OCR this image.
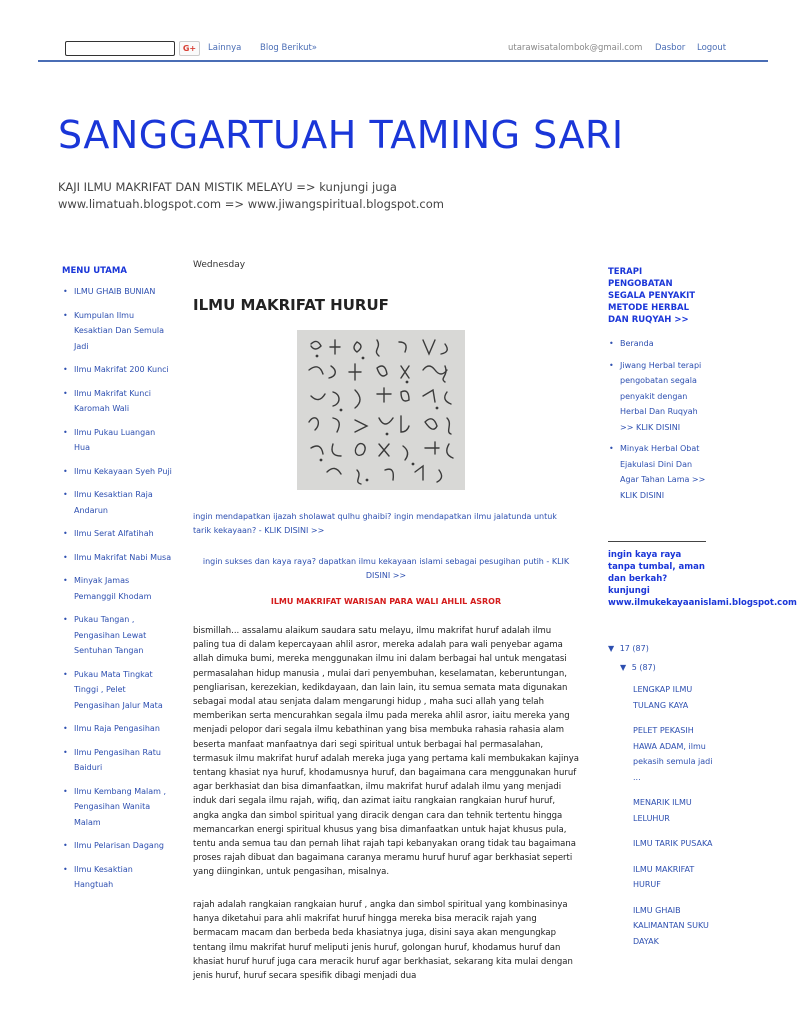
G+	Lainnya Blog Berikut»	utarawisatalombok@gmail.com Dasbor Logout
SANGGARTUAH TAMING SARI
KAJI ILMU MAKRIFAT DAN MISTIK MELAYU => kunjungi juga www.limatuah.blogspot.com => www.jiwangspiritual.blogspot.com
MENU UTAMA
• ILMU GHAIB BUNIAN
• Kumpulan Ilmu Kesaktian Dan Semula Jadi
• Ilmu Makrifat 200 Kunci
• Ilmu Makrifat Kunci Karomah Wali
• Ilmu Pukau Luangan Hua
• Ilmu Kekayaan Syeh Puji
• Ilmu Kesaktian Raja Andarun
• Ilmu Serat Alfatihah
• Ilmu Makrifat Nabi Musa
• Minyak Jamas Pemanggil Khodam
• Pukau Tangan , Pengasihan Lewat Sentuhan Tangan
• Pukau Mata Tingkat Tinggi , Pelet Pengasihan Jalur Mata
• Ilmu Raja Pengasihan
• Ilmu Pengasihan Ratu Baiduri
• Ilmu Kembang Malam , Pengasihan Wanita Malam
• Ilmu Pelarisan Dagang
• Ilmu Kesaktian Hangtuah
Wednesday
ILMU MAKRIFAT HURUF
ingin mendapatkan ijazah sholawat qulhu ghaibi? ingin mendapatkan ilmu jalatunda untuk tarik kekayaan? - KLIK DISINI >>
ingin sukses dan kaya raya? dapatkan ilmu kekayaan islami sebagai pesugihan putih - KLIK DISINI >>
ILMU MAKRIFAT WARISAN PARA WALI AHLIL ASROR
bismillah... assalamu alaikum saudara satu melayu, ilmu makrifat huruf adalah ilmu paling tua di dalam kepercayaan ahlil asror, mereka adalah para wali penyebar agama allah dimuka bumi, mereka menggunakan ilmu ini dalam berbagai hal untuk mengatasi permasalahan hidup manusia , mulai dari penyembuhan, keselamatan, keberuntungan, pengliarisan, kerezekian, kedikdayaan, dan lain lain, itu semua semata mata digunakan sebagai modal atau senjata dalam mengarungi hidup , maha suci allah yang telah memberikan serta mencurahkan segala ilmu pada mereka ahlil asror, iaitu mereka yang menjadi pelopor dari segala ilmu kebathinan yang bisa membuka rahasia rahasia alam beserta manfaat manfaatnya dari segi spiritual untuk berbagai hal permasalahan, termasuk ilmu makrifat huruf adalah mereka juga yang pertama kali membukakan kajinya tentang khasiat nya huruf, khodamusnya huruf, dan bagaimana cara menggunakan huruf agar berkhasiat dan bisa dimanfaatkan, ilmu makrifat huruf adalah ilmu yang menjadi induk dari segala ilmu rajah, wifiq, dan azimat iaitu rangkaian rangkaian huruf huruf, angka angka dan simbol spiritual yang diracik dengan cara dan tehnik tertentu hingga memancarkan energi spiritual khusus yang bisa dimanfaatkan untuk hajat khusus pula, tentu anda semua tau dan pernah lihat rajah tapi kebanyakan orang tidak tau bagaimana proses rajah dibuat dan bagaimana caranya meramu huruf huruf agar berkhasiat seperti yang diinginkan, untuk pengasihan, misalnya.
rajah adalah rangkaian rangkaian huruf , angka dan simbol spiritual yang kombinasinya hanya diketahui para ahli makrifat huruf hingga mereka bisa meracik rajah yang bermacam macam dan berbeda beda khasiatnya juga, disini saya akan mengungkap tentang ilmu makrifat huruf meliputi jenis huruf, golongan huruf, khodamus huruf dan khasiat huruf huruf juga cara meracik huruf agar berkhasiat, sekarang kita mulai dengan jenis huruf, huruf secara spesifik dibagi menjadi dua
TERAPI PENGOBATAN SEGALA PENYAKIT METODE HERBAL DAN RUQYAH >>
• Beranda
• Jiwang Herbal terapi pengobatan segala penyakit dengan Herbal Dan Ruqyah >> KLIK DISINI
• Minyak Herbal Obat Ejakulasi Dini Dan Agar Tahan Lama >> KLIK DISINI
ingin kaya raya tanpa tumbal, aman dan berkah? kunjungi www.ilmukekayaanislami.blogspot.com
▼ 17 (87)
▼ 5 (87)
LENGKAP ILMU TULANG KAYA
PELET PEKASIH HAWA ADAM, ilmu pekasih semula jadi ...
MENARIK ILMU LELUHUR
ILMU TARIK PUSAKA
ILMU MAKRIFAT HURUF
ILMU GHAIB KALIMANTAN SUKU DAYAK
